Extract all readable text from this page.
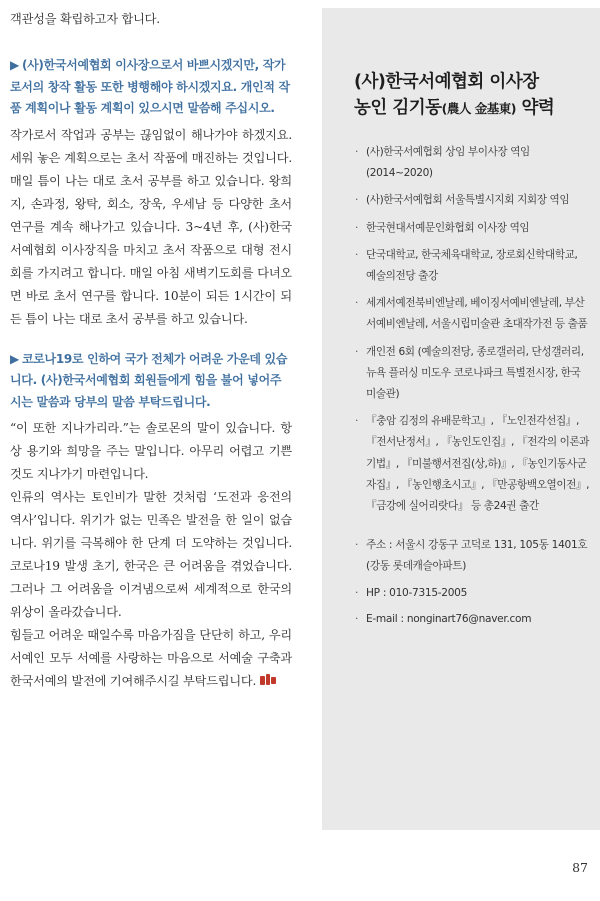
객관성을 확립하고자 합니다.

▶ (사)한국서예협회 이사장으로서 바쁘시겠지만, 작가로서의 창작 활동 또한 병행해야 하시겠지요. 개인적 작품 계획이나 활동 계획이 있으시면 말씀해 주십시오.

작가로서 작업과 공부는 끊임없이 해나가야 하겠지요. 세워 놓은 계획으로는 초서 작품에 매진하는 것입니다. 매일 틈이 나는 대로 초서 공부를 하고 있습니다. 왕희지, 손과정, 왕탁, 회소, 장욱, 우세남 등 다양한 초서 연구를 계속 해나가고 있습니다. 3~4년 후, (사)한국서예협회 이사장직을 마치고 초서 작품으로 대형 전시회를 가지려고 합니다. 매일 아침 새벽기도회를 다녀오면 바로 초서 연구를 합니다. 10분이 되든 1시간이 되든 틈이 나는 대로 초서 공부를 하고 있습니다.

▶ 코로나19로 인하여 국가 전체가 어려운 가운데 있습니다. (사)한국서예협회 회원들에게 힘을 불어 넣어주시는 말씀과 당부의 말씀 부탁드립니다.

“이 또한 지나가리라.”는 솔로몬의 말이 있습니다. 항상 용기와 희망을 주는 말입니다. 아무리 어렵고 기쁜 것도 지나가기 마련입니다.

인류의 역사는 토인비가 말한 것처럼 ‘도전과 응전의 역사’입니다. 위기가 없는 민족은 발전을 한 일이 없습니다. 위기를 극복해야 한 단계 더 도약하는 것입니다. 코로나19 발생 초기, 한국은 큰 어려움을 겪었습니다. 그러나 그 어려움을 이겨냄으로써 세계적으로 한국의 위상이 올라갔습니다.

힘들고 어려운 때일수록 마음가짐을 단단히 하고, 우리 서예인 모두 서예를 사랑하는 마음으로 서예술 구축과 한국서예의 발전에 기여해주시길 부탁드립니다.

(사)한국서예협회 이사장
농인 김기동(農人 金基東) 약력
· (사)한국서예협회 상임 부이사장 역임 (2014~2020)
· (사)한국서예협회 서울특별시지회 지회장 역임
· 한국현대서예문인화협회 이사장 역임
· 단국대학교, 한국체육대학교, 장로회신학대학교, 예술의전당 출강
· 세계서예전북비엔날레, 베이징서예비엔날레, 부산서예비엔날레, 서울시립미술관 초대작가전 등 출품
· 개인전 6회 (예술의전당, 종로갤러리, 단성갤러리, 뉴욕 플러싱 미도우 코로나파크 특별전시장, 한국미술관)
· 『충암 김정의 유배문학고』, 『노인전각선집』, 『전서난정서』, 『농인도인집』, 『전각의 이론과 기법』, 『미불행서전집(상,하)』, 『농인기동사군자집』, 『농인행초시고』, 『만공항백오열이전』, 『금강에 실어리랏다』 등 총24권 출간
· 주소 : 서울시 강동구 고덕로 131, 105동 1401호 (강동 롯데캐슬아파트)
· HP : 010-7315-2005
· E-mail : nonginart76@naver.com
87
